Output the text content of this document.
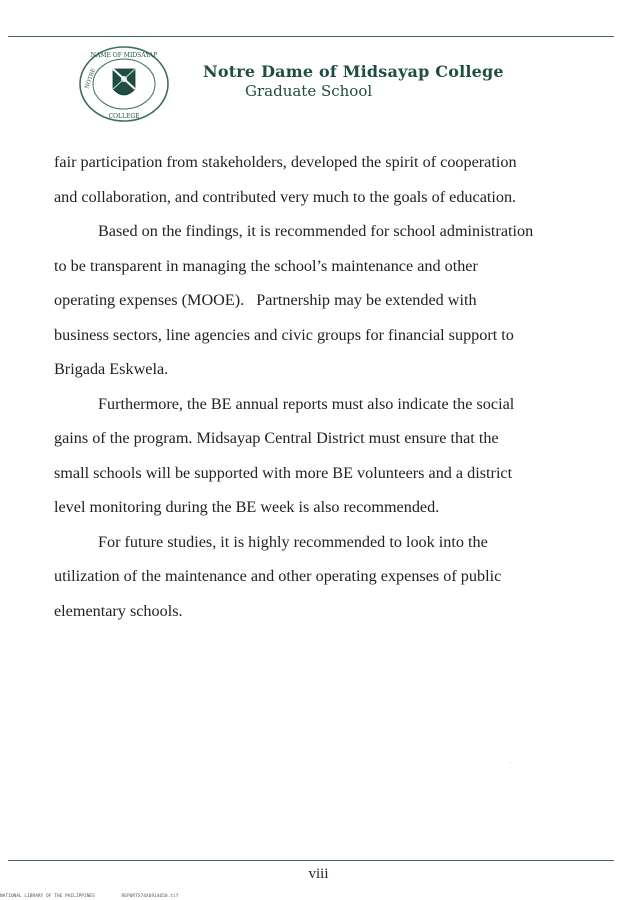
NAME OF MIDSAYAP
NOTRE
COLLEGE
Notre Dame of Midsayap College
Graduate School

fair participation from stakeholders, developed the spirit of cooperation
and collaboration, and contributed very much to the goals of education.

Based on the findings, it is recommended for school administration
to be transparent in managing the school’s maintenance and other
operating expenses (MOOE).   Partnership may be extended with
business sectors, line agencies and civic groups for financial support to
Brigada Eskwela.

Furthermore, the BE annual reports must also indicate the social
gains of the program. Midsayap Central District must ensure that the
small schools will be supported with more BE volunteers and a district
level monitoring during the BE week is also recommended.

For future studies, it is highly recommended to look into the
utilization of the maintenance and other operating expenses of public
elementary schools.

·‧·
viii
NATIONAL LIBRARY OF THE PHILIPPINES	REPORTS74X6914650.tif
